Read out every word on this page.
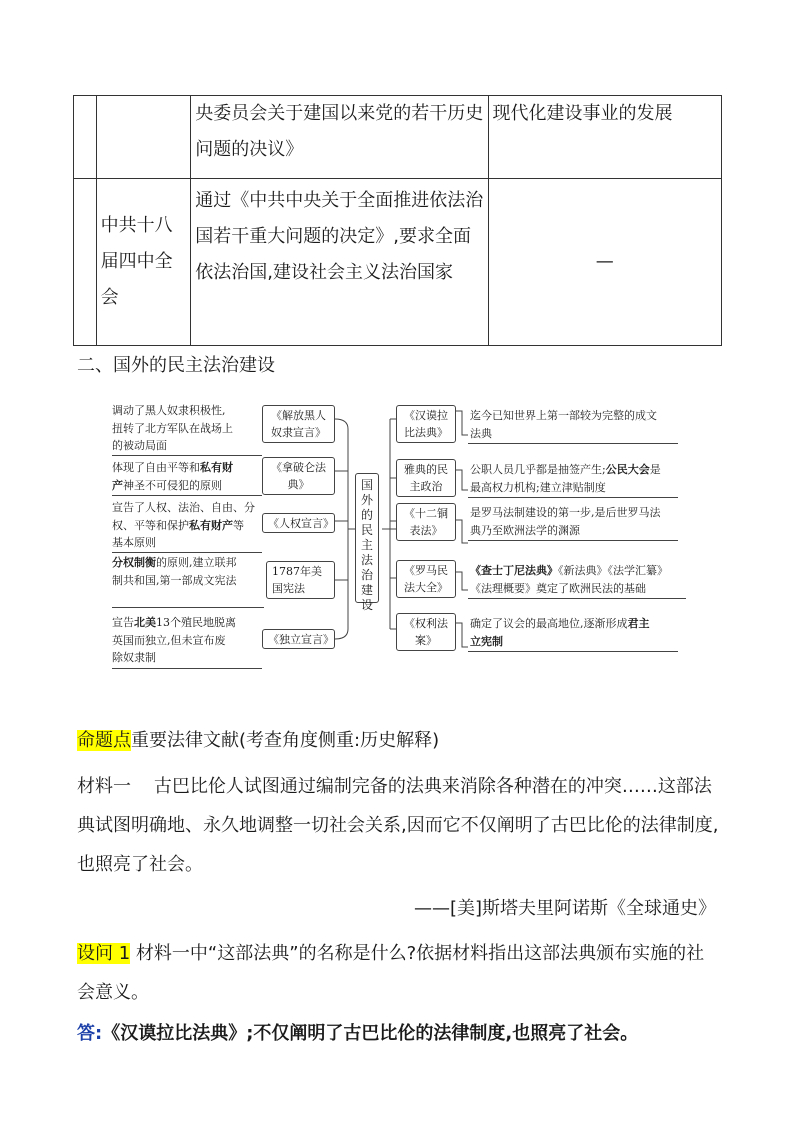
		央委员会关于建国以来党的若干历史问题的决议》	现代化建设事业的发展
	中共十八届四中全会	通过《中共中央关于全面推进依法治国若干重大问题的决定》,要求全面依法治国,建设社会主义法治国家	—
二、国外的民主法治建设
《解放黑人奴隶宣言》
《拿破仑法典》
《人权宣言》
1787年美国宪法
《独立宣言》
调动了黑人奴隶积极性,
扭转了北方军队在战场上
的被动局面
体现了自由平等和私有财
产神圣不可侵犯的原则
宣告了人权、法治、自由、分
权、平等和保护私有财产等
基本原则
分权制衡的原则,建立联邦
制共和国,第一部成文宪法
宣告北美13个殖民地脱离
英国而独立,但未宣布废
除奴隶制
国外的民主法治建设
《汉谟拉比法典》
雅典的民主政治
《十二铜表法》
《罗马民法大全》
《权利法案》
迄今已知世界上第一部较为完整的成文
法典
公职人员几乎都是抽签产生;公民大会是
最高权力机构;建立津贴制度
是罗马法制建设的第一步,是后世罗马法
典乃至欧洲法学的渊源
《查士丁尼法典》《新法典》《法学汇纂》
《法理概要》奠定了欧洲民法的基础
确定了议会的最高地位,逐渐形成君主
立宪制
命题点重要法律文献(考查角度侧重:历史解释)
材料一 古巴比伦人试图通过编制完备的法典来消除各种潜在的冲突……这部法典试图明确地、永久地调整一切社会关系,因而它不仅阐明了古巴比伦的法律制度,也照亮了社会。
——[美]斯塔夫里阿诺斯《全球通史》
设问 1 材料一中“这部法典”的名称是什么?依据材料指出这部法典颁布实施的社会意义。
答:《汉谟拉比法典》;不仅阐明了古巴比伦的法律制度,也照亮了社会。
